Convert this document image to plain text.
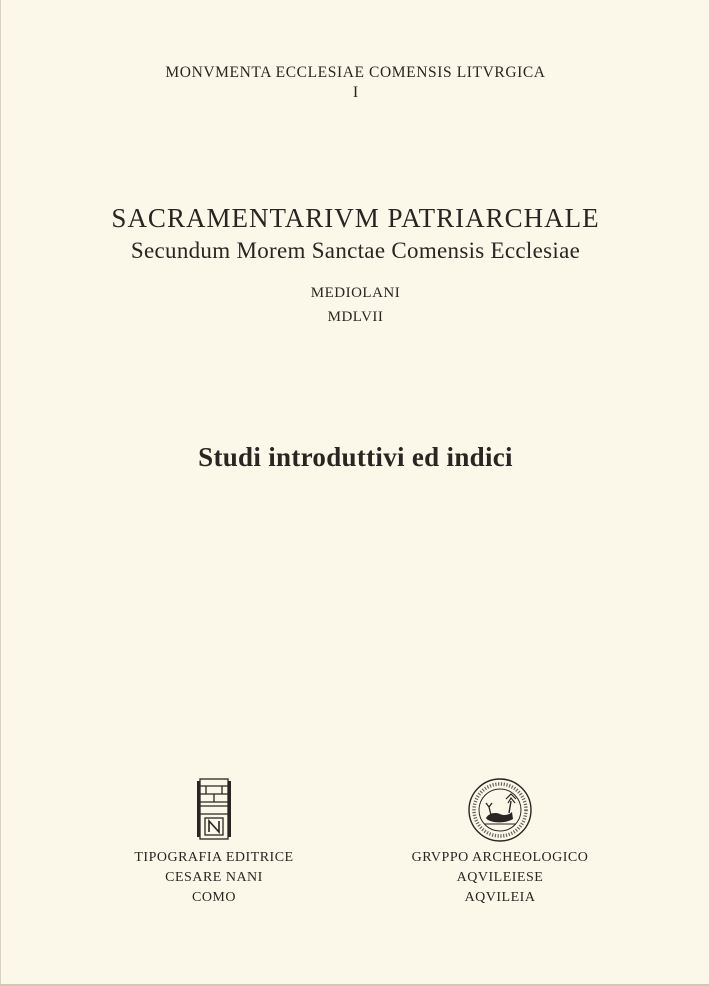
MONVMENTA ECCLESIAE COMENSIS LITVRGICA
I
SACRAMENTARIVM PATRIARCHALE
Secundum Morem Sanctae Comensis Ecclesiae
MEDIOLANI
MDLVII
Studi introduttivi ed indici
TIPOGRAFIA EDITRICE
CESARE NANI
COMO
GRVPPO ARCHEOLOGICO
AQVILEIESE
AQVILEIA
